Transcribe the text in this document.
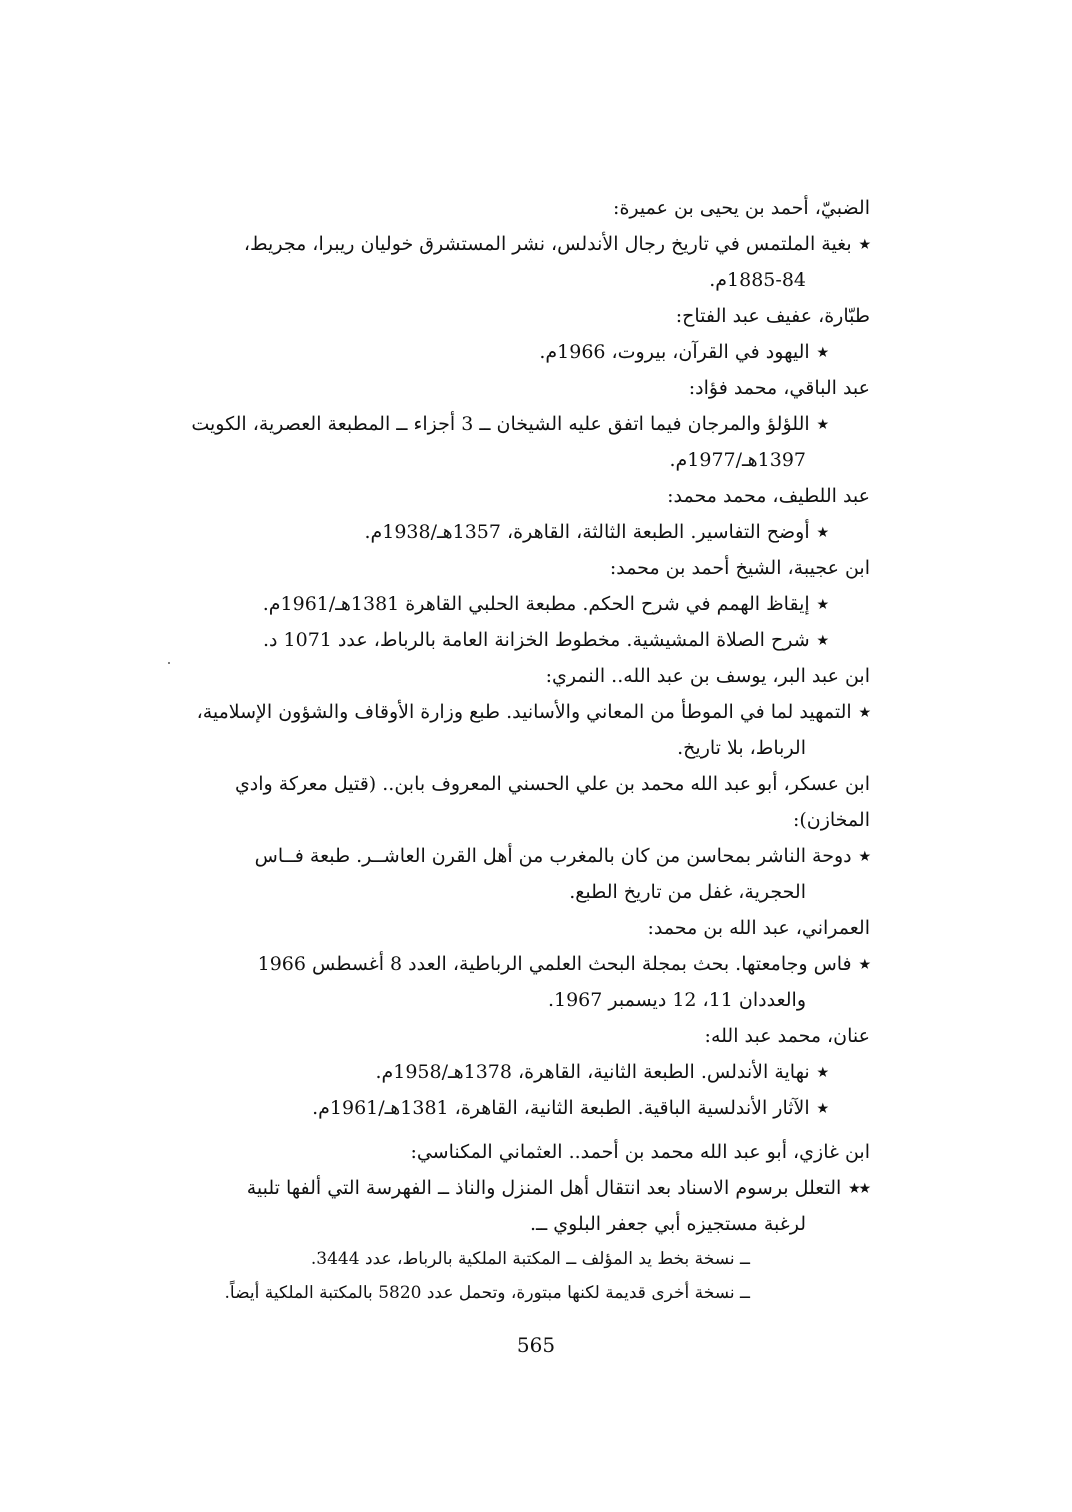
الضبيّ، أحمد بن يحيى بن عميرة:
٭بغية الملتمس في تاريخ رجال الأندلس، نشر المستشرق خوليان ريبرا، مجريط،
1885-84م.
طبّارة، عفيف عبد الفتاح:
٭اليهود في القرآن، بيروت، 1966م.
عبد الباقي، محمد فؤاد:
٭اللؤلؤ والمرجان فيما اتفق عليه الشيخان ــ 3 أجزاء ــ المطبعة العصرية، الكويت
1397هـ/1977م.
عبد اللطيف، محمد محمد:
٭أوضح التفاسير. الطبعة الثالثة، القاهرة، 1357هـ/1938م.
ابن عجيبة، الشيخ أحمد بن محمد:
٭إيقاظ الهمم في شرح الحكم. مطبعة الحلبي القاهرة 1381هـ/1961م.
٭شرح الصلاة المشيشية. مخطوط الخزانة العامة بالرباط، عدد 1071 د.
ابن عبد البر، يوسف بن عبد الله.. النمري:
٭التمهيد لما في الموطأ من المعاني والأسانيد. طبع وزارة الأوقاف والشؤون الإسلامية،
الرباط، بلا تاريخ.
ابن عسكر، أبو عبد الله محمد بن علي الحسني المعروف بابن.. (قتيل معركة وادي المخازن):
٭دوحة الناشر بمحاسن من كان بالمغرب من أهل القرن العاشــر. طبعة فــاس
الحجرية، غفل من تاريخ الطبع.
العمراني، عبد الله بن محمد:
٭فاس وجامعتها. بحث بمجلة البحث العلمي الرباطية، العدد 8 أغسطس 1966
والعددان 11، 12 ديسمبر 1967.
عنان، محمد عبد الله:
٭نهاية الأندلس. الطبعة الثانية، القاهرة، 1378هـ/1958م.
٭الآثار الأندلسية الباقية. الطبعة الثانية، القاهرة، 1381هـ/1961م.
ابن غازي، أبو عبد الله محمد بن أحمد.. العثماني المكناسي:
٭٭التعلل برسوم الاسناد بعد انتقال أهل المنزل والناذ ــ الفهرسة التي ألفها تلبية
لرغبة مستجيزه أبي جعفر البلوي ــ.
ــ نسخة بخط يد المؤلف ــ المكتبة الملكية بالرباط، عدد 3444.
ــ نسخة أخرى قديمة لكنها مبتورة، وتحمل عدد 5820 بالمكتبة الملكية أيضاً.
565
